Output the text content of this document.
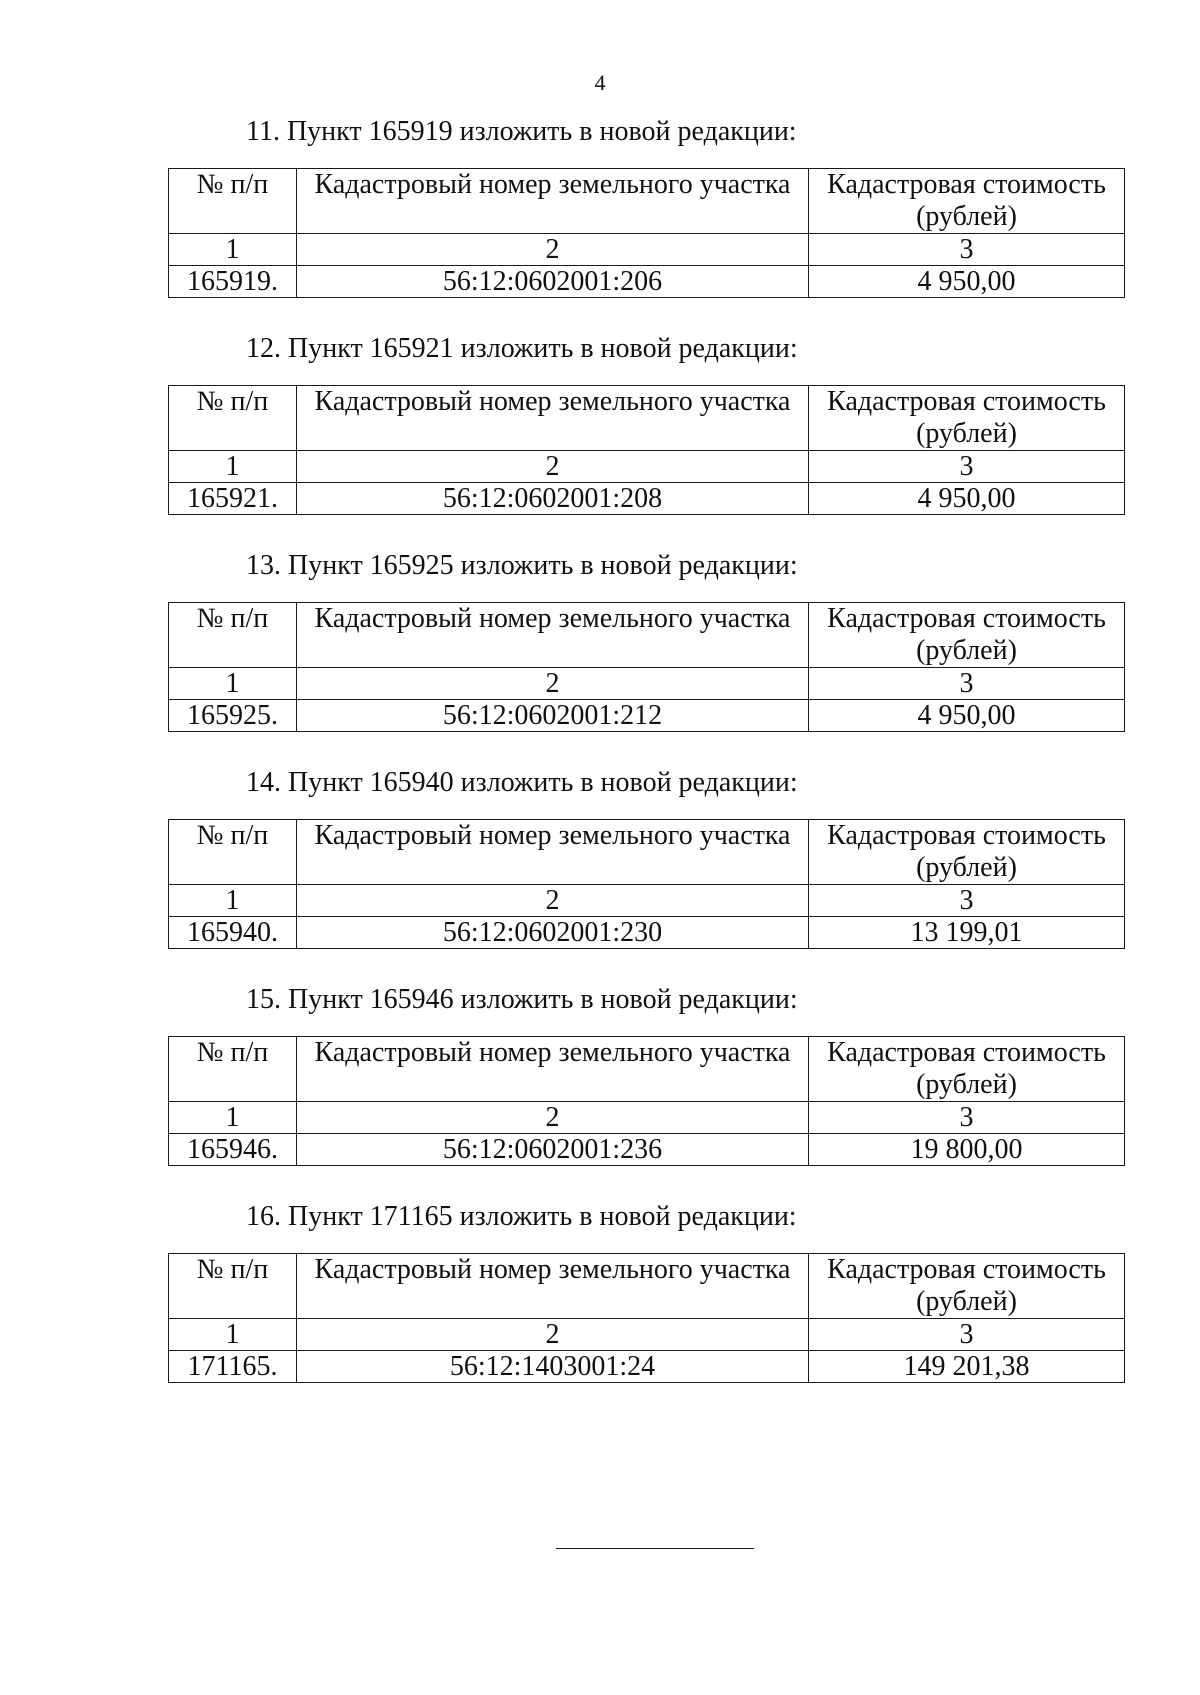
4
11. Пункт 165919 изложить в новой редакции:
№ п/п	Кадастровый номер земельного участка	Кадастровая стоимость
(рублей)
1	2	3
165919.	56:12:0602001:206	4 950,00
12. Пункт 165921 изложить в новой редакции:
№ п/п	Кадастровый номер земельного участка	Кадастровая стоимость
(рублей)
1	2	3
165921.	56:12:0602001:208	4 950,00
13. Пункт 165925 изложить в новой редакции:
№ п/п	Кадастровый номер земельного участка	Кадастровая стоимость
(рублей)
1	2	3
165925.	56:12:0602001:212	4 950,00
14. Пункт 165940 изложить в новой редакции:
№ п/п	Кадастровый номер земельного участка	Кадастровая стоимость
(рублей)
1	2	3
165940.	56:12:0602001:230	13 199,01
15. Пункт 165946 изложить в новой редакции:
№ п/п	Кадастровый номер земельного участка	Кадастровая стоимость
(рублей)
1	2	3
165946.	56:12:0602001:236	19 800,00
16. Пункт 171165 изложить в новой редакции:
№ п/п	Кадастровый номер земельного участка	Кадастровая стоимость
(рублей)
1	2	3
171165.	56:12:1403001:24	149 201,38
